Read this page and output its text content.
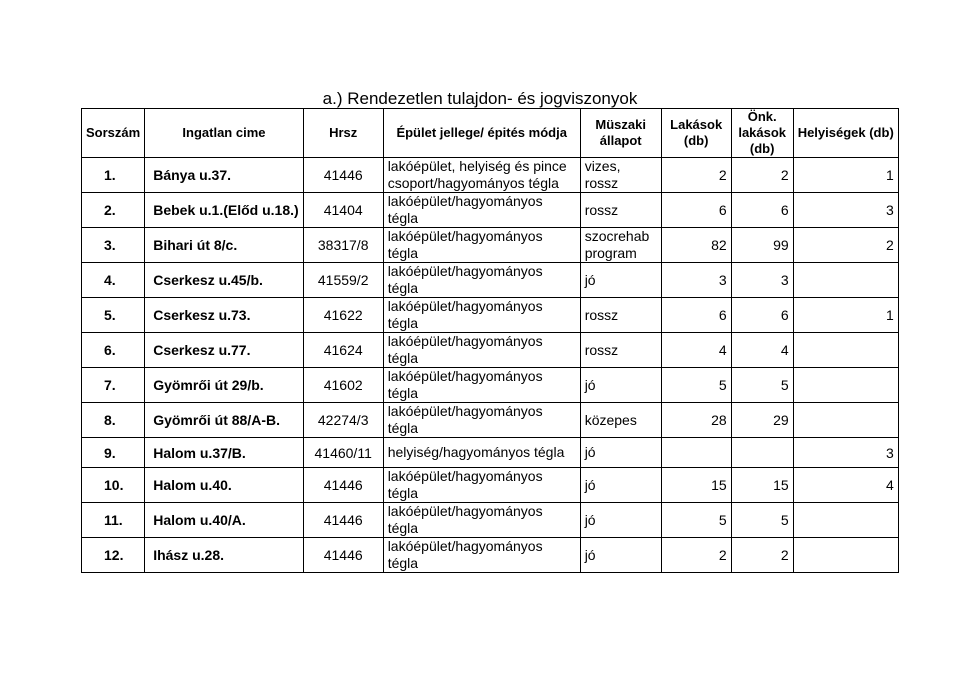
a.) Rendezetlen tulajdon- és jogviszonyok
Sorszám	Ingatlan cime	Hrsz	Épület jellege/ épités módja	Müszaki állapot	Lakások (db)	Önk. lakások (db)	Helyiségek (db)
1.	Bánya u.37.	41446	lakóépület, helyiség és pince csoport/hagyományos tégla	vizes, rossz	2	2	1
2.	Bebek u.1.(Előd u.18.)	41404	lakóépület/hagyományos tégla	rossz	6	6	3
3.	Bihari út 8/c.	38317/8	lakóépület/hagyományos tégla	szocrehab program	82	99	2
4.	Cserkesz u.45/b.	41559/2	lakóépület/hagyományos tégla	jó	3	3	
5.	Cserkesz u.73.	41622	lakóépület/hagyományos tégla	rossz	6	6	1
6.	Cserkesz u.77.	41624	lakóépület/hagyományos tégla	rossz	4	4	
7.	Gyömrői út 29/b.	41602	lakóépület/hagyományos tégla	jó	5	5	
8.	Gyömrői út 88/A-B.	42274/3	lakóépület/hagyományos tégla	közepes	28	29	
9.	Halom u.37/B.	41460/11	helyiség/hagyományos tégla	jó			3
10.	Halom u.40.	41446	lakóépület/hagyományos tégla	jó	15	15	4
11.	Halom u.40/A.	41446	lakóépület/hagyományos tégla	jó	5	5	
12.	Ihász u.28.	41446	lakóépület/hagyományos tégla	jó	2	2	
